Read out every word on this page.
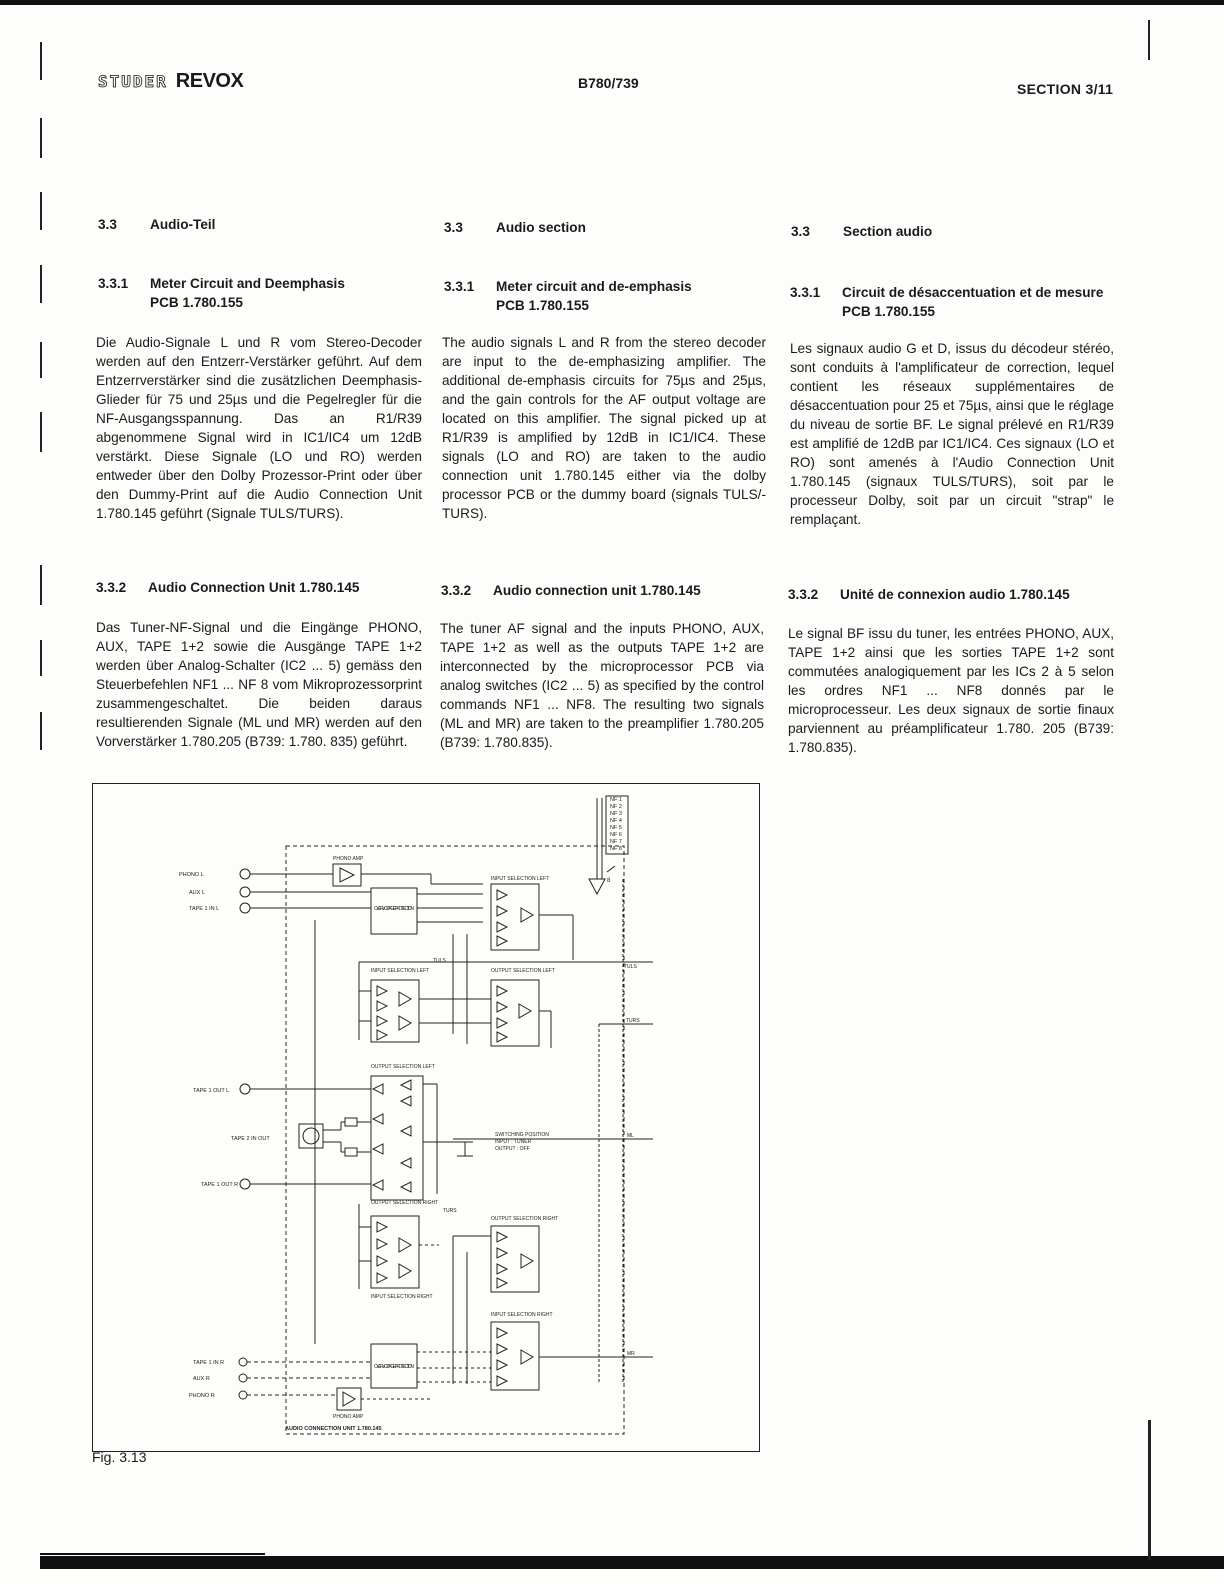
STUDER REVOX	B780/739	SECTION 3/11
3.3 Audio-Teil
3.3.1 Meter Circuit and Deemphasis
PCB 1.780.155

Die Audio-Signale L und R vom Stereo-Decoder werden auf den Entzerr-Verstärker geführt. Auf dem Entzerrverstärker sind die zusätzlichen Deemphasis-Glieder für 75 und 25µs und die Pegelregler für die NF-Ausgangsspannung. Das an R1/R39 abgenommene Signal wird in IC1/IC4 um 12dB verstärkt. Diese Signale (LO und RO) werden entweder über den Dolby Prozessor-Print oder über den Dummy-Print auf die Audio Connection Unit 1.780.145 geführt (Signale TULS/TURS).

3.3.2 Audio Connection Unit 1.780.145

Das Tuner-NF-Signal und die Eingänge PHONO, AUX, TAPE 1+2 sowie die Ausgänge TAPE 1+2 werden über Analog-Schalter (IC2 ... 5) gemäss den Steuerbefehlen NF1 ... NF 8 vom Mikroprozessorprint zusammengeschaltet. Die beiden daraus resultierenden Signale (ML und MR) werden auf den Vorverstärker 1.780.205 (B739: 1.780. 835) geführt.

3.3 Audio section
3.3.1 Meter circuit and de-emphasis
PCB 1.780.155

The audio signals L and R from the stereo decoder are input to the de-emphasizing amplifier. The additional de-emphasis circuits for 75µs and 25µs, and the gain controls for the AF output voltage are located on this amplifier. The signal picked up at R1/R39 is amplified by 12dB in IC1/IC4. These signals (LO and RO) are taken to the audio connection unit 1.780.145 either via the dolby processor PCB or the dummy board (signals TULS/-TURS).

3.3.2 Audio connection unit 1.780.145

The tuner AF signal and the inputs PHONO, AUX, TAPE 1+2 as well as the outputs TAPE 1+2 are interconnected by the microprocessor PCB via analog switches (IC2 ... 5) as specified by the control commands NF1 ... NF8. The resulting two signals (ML and MR) are taken to the preamplifier 1.780.205 (B739: 1.780.835).

3.3 Section audio
3.3.1 Circuit de désaccentuation et de mesure
PCB 1.780.155

Les signaux audio G et D, issus du décodeur stéréo, sont conduits à l'amplificateur de correction, lequel contient les réseaux supplémentaires de désaccentuation pour 25 et 75µs, ainsi que le réglage du niveau de sortie BF. Le signal prélevé en R1/R39 est amplifié de 12dB par IC1/IC4. Ces signaux (LO et RO) sont amenés à l'Audio Connection Unit 1.780.145 (signaux TULS/TURS), soit par le processeur Dolby, soit par un circuit "strap" le remplaçant.

3.3.2 Unité de connexion audio 1.780.145

Le signal BF issu du tuner, les entrées PHONO, AUX, TAPE 1+2 ainsi que les sorties TAPE 1+2 sont commutées analogiquement par les ICs 2 à 5 selon les ordres NF1 ... NF8 donnés par le microprocesseur. Les deux signaux de sortie finaux parviennent au préamplificateur 1.780. 205 (B739: 1.780.835).

NF 1
NF 2
NF 3
NF 4
NF 5
NF 6
NF 7
NF 8
8
PHONO L
AUX L
TAPE 1 IN L
PHONO AMP
OVER VOLTAGE PROTECTION
INPUT SELECTION LEFT
TULS
TULS
INPUT SELECTION LEFT	OUTPUT SELECTION LEFT
TURS
OUTPUT SELECTION LEFT
TAPE 1 OUT L
TAPE 2 IN OUT
TAPE 1 OUT R
SWITCHING POSITION
INPUT : TUNER
OUTPUT : OFF
ML
OUTPUT SELECTION RIGHT
TURS
INPUT SELECTION RIGHT
OUTPUT SELECTION RIGHT
INPUT SELECTION RIGHT
MR
TAPE 1 IN R
AUX R
PHONO R
OVER VOLTAGE PROTECTION
PHONO AMP
AUDIO CONNECTION UNIT 1.780.145
Fig. 3.13
